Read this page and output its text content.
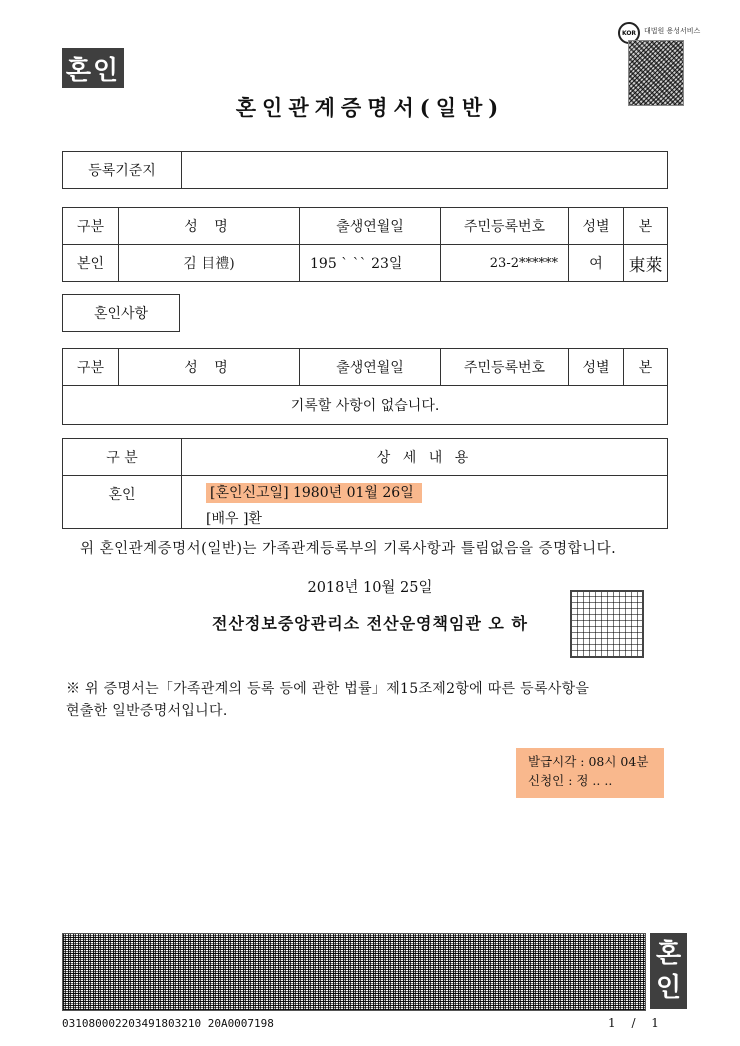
혼인
KOR	대법원 용성서비스
혼인관계증명서(일반)
등록기준지	
구분	성 명	출생연월일	주민등록번호	성별	본
본인	김 目禮)	195 ` `` 23일	23-2******	여	東萊
혼인사항
구분	성 명	출생연월일	주민등록번호	성별	본
기록할 사항이 없습니다.
구 분	상 세 내 용
혼인	[혼인신고일] 1980년 01월 26일
[배우 ]환
위 혼인관계증명서(일반)는 가족관계등록부의 기록사항과 틀림없음을 증명합니다.
2018년 10월 25일
전산정보중앙관리소 전산운영책임관 오 하
※ 위 증명서는「가족관계의 등록 등에 관한 법률」제15조제2항에 따른 등록사항을
현출한 일반증명서입니다.
발급시각 : 08시 04분
신청인 : 정 .. ..
혼
인
031080002203491803210 20A0007198	1 / 1
